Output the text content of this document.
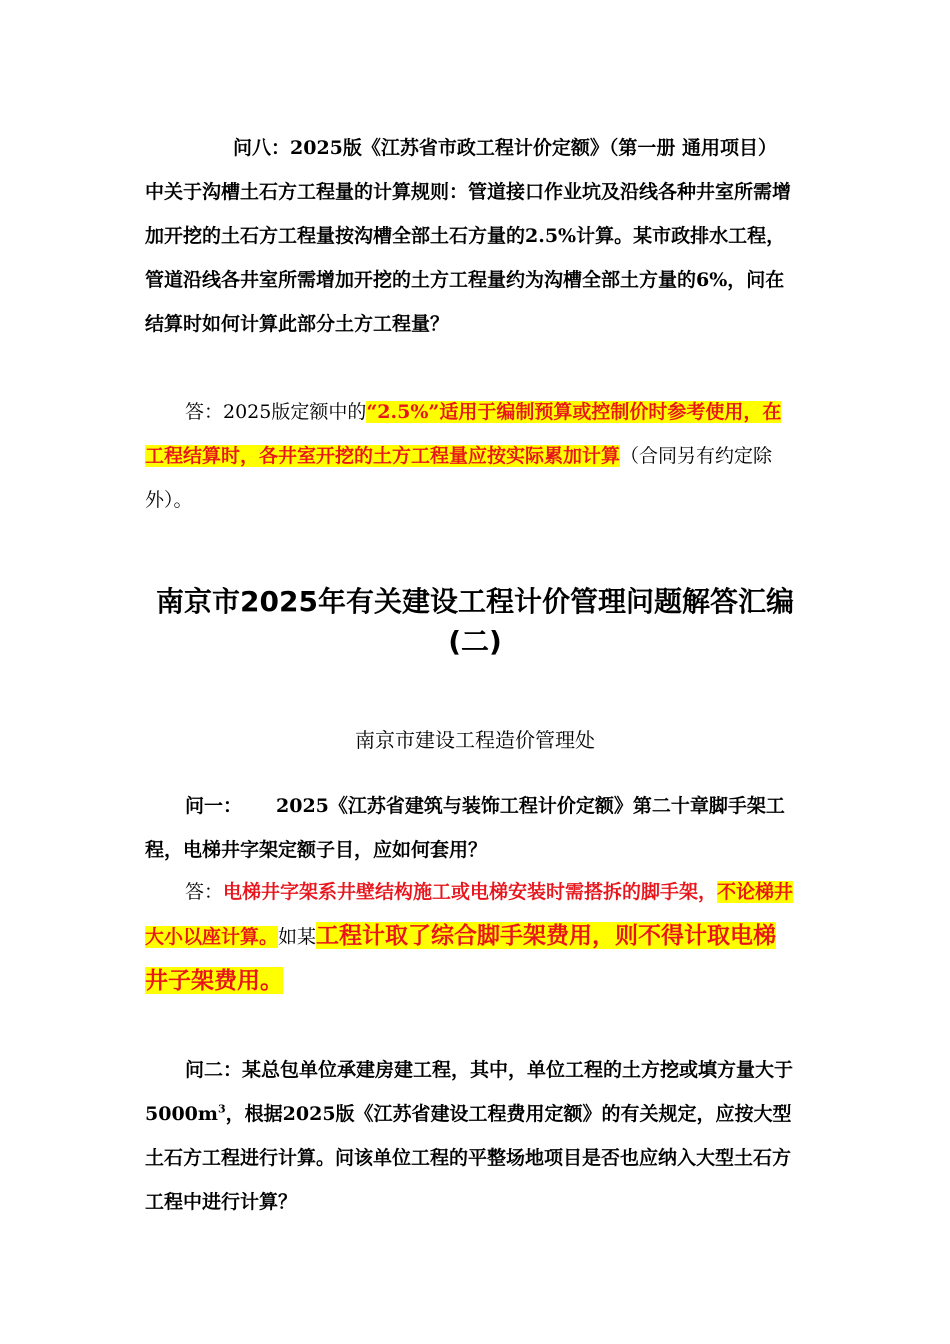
问八：2025版《江苏省市政工程计价定额》（第一册 通用项目）中关于沟槽土石方工程量的计算规则：管道接口作业坑及沿线各种井室所需增加开挖的土石方工程量按沟槽全部土石方量的2.5%计算。某市政排水工程，管道沿线各井室所需增加开挖的土方工程量约为沟槽全部土方量的6%，问在结算时如何计算此部分土方工程量？
答：2025版定额中的“2.5%”适用于编制预算或控制价时参考使用，在工程结算时，各井室开挖的土方工程量应按实际累加计算（合同另有约定除外）。
南京市2025年有关建设工程计价管理问题解答汇编(二)
南京市建设工程造价管理处
问一： 2025《江苏省建筑与装饰工程计价定额》第二十章脚手架工程，电梯井字架定额子目，应如何套用？
答：电梯井字架系井壁结构施工或电梯安装时需搭拆的脚手架，不论梯井大小以座计算。如某工程计取了综合脚手架费用，则不得计取电梯井子架费用。
问二：某总包单位承建房建工程，其中，单位工程的土方挖或填方量大于$5000m^3$，根据2025版《江苏省建设工程费用定额》的有关规定，应按大型土石方工程进行计算。问该单位工程的平整场地项目是否也应纳入大型土石方工程中进行计算？
